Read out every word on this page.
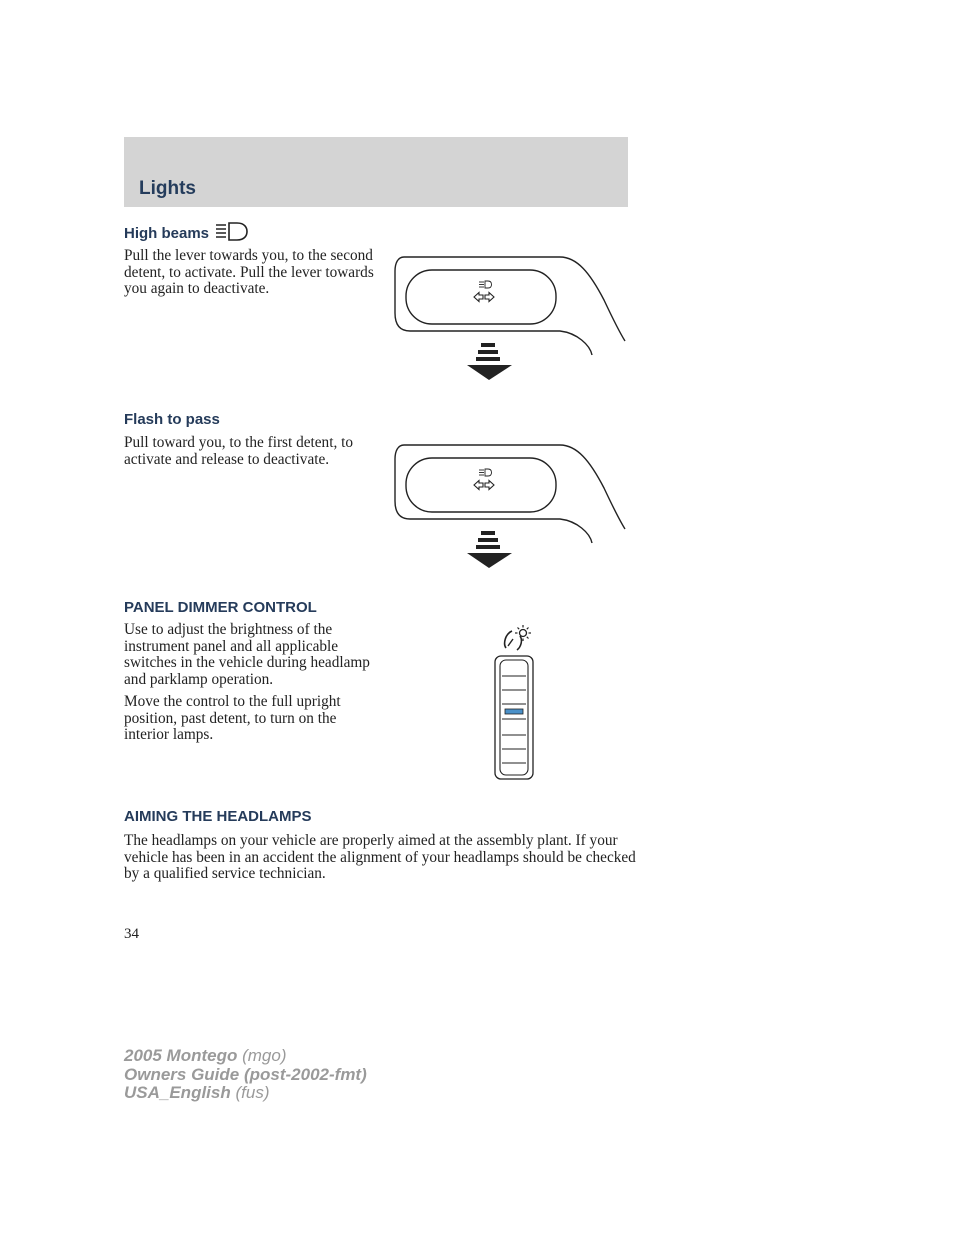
Lights
High beams
Pull the lever towards you, to the second detent, to activate. Pull the lever towards you again to deactivate.
Flash to pass
Pull toward you, to the first detent, to activate and release to deactivate.
PANEL DIMMER CONTROL

Use to adjust the brightness of the instrument panel and all applicable switches in the vehicle during headlamp and parklamp operation.

Move the control to the full upright position, past detent, to turn on the interior lamps.

AIMING THE HEADLAMPS
The headlamps on your vehicle are properly aimed at the assembly plant. If your vehicle has been in an accident the alignment of your headlamps should be checked by a qualified service technician.
34
2005 Montego (mgo)
Owners Guide (post-2002-fmt)
USA_English (fus)
